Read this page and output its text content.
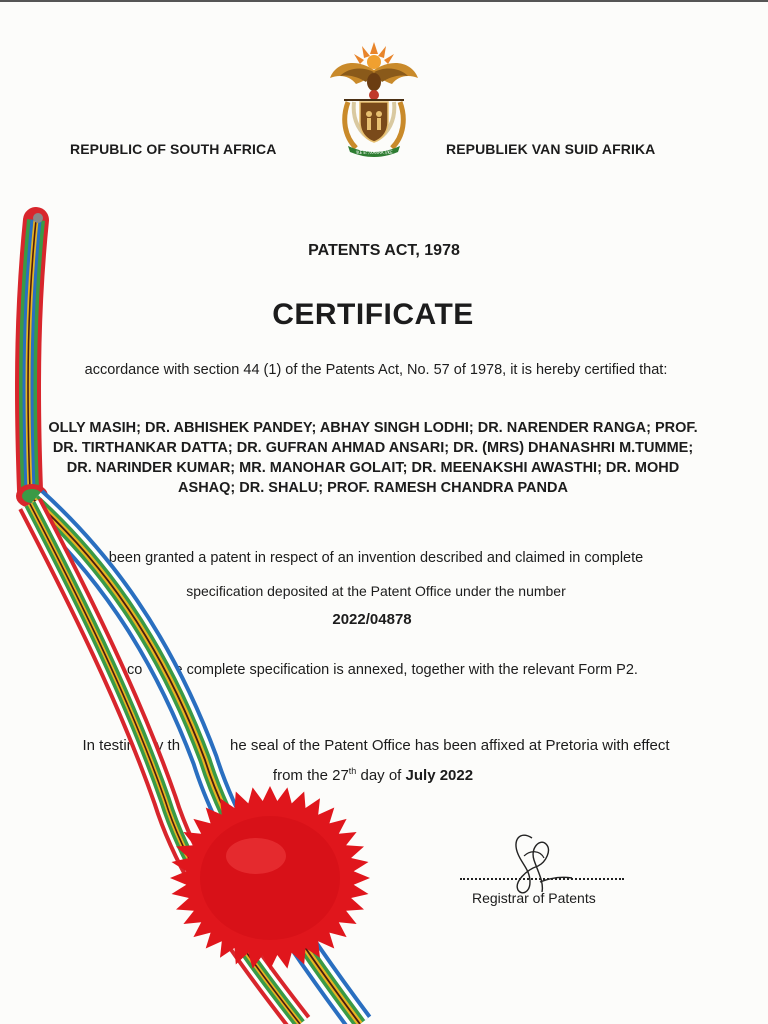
!KE E: /XARRA //KE
REPUBLIC OF SOUTH AFRICA	REPUBLIEK VAN SUID AFRIKA
PATENTS ACT, 1978
CERTIFICATE
accordance with section 44 (1) of the Patents Act, No. 57 of 1978, it is hereby certified that:
OLLY MASIH; DR. ABHISHEK PANDEY; ABHAY SINGH LODHI; DR. NARENDER RANGA; PROF. DR. TIRTHANKAR DATTA; DR. GUFRAN AHMAD ANSARI; DR. (MRS) DHANASHRI M.TUMME; DR. NARINDER KUMAR; MR. MANOHAR GOLAIT; DR. MEENAKSHI AWASTHI; DR. MOHD ASHAQ; DR. SHALU; PROF. RAMESH CHANDRA PANDA
been granted a patent in respect of an invention described and claimed in complete
specification deposited at the Patent Office under the number
2022/04878
A co        e complete specification is annexed, together with the relevant Form P2.
In testimony th            he seal of the Patent Office has been affixed at Pretoria with effect
from the 27th day of July 2022
Registrar of Patents
